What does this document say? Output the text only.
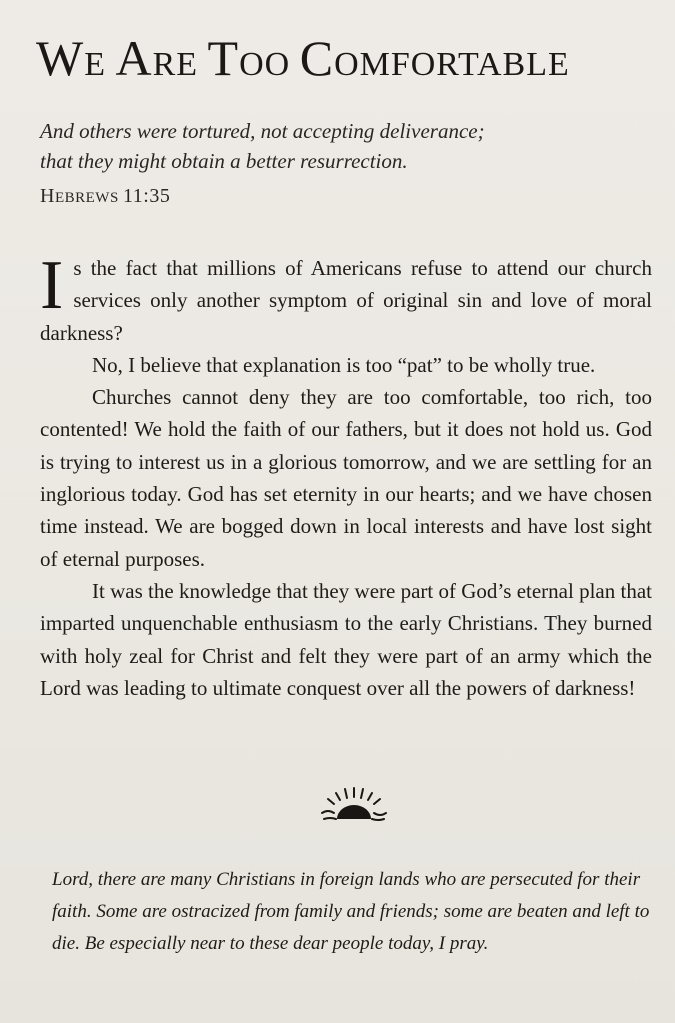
WE ARE TOO COMFORTABLE
And others were tortured, not accepting deliverance;
that they might obtain a better resurrection.
HEBREWS 11:35

Is the fact that millions of Americans refuse to attend our church services only another symptom of original sin and love of moral darkness?

No, I believe that explanation is too “pat” to be wholly true.

Churches cannot deny they are too comfortable, too rich, too contented! We hold the faith of our fathers, but it does not hold us. God is trying to interest us in a glorious tomorrow, and we are settling for an inglorious today. God has set eternity in our hearts; and we have chosen time instead. We are bogged down in local interests and have lost sight of eternal purposes.

It was the knowledge that they were part of God’s eternal plan that imparted unquenchable enthusiasm to the early Christians. They burned with holy zeal for Christ and felt they were part of an army which the Lord was leading to ultimate conquest over all the powers of darkness!

Lord, there are many Christians in foreign lands who are persecuted for their faith. Some are ostracized from family and friends; some are beaten and left to die. Be especially near to these dear people today, I pray.
